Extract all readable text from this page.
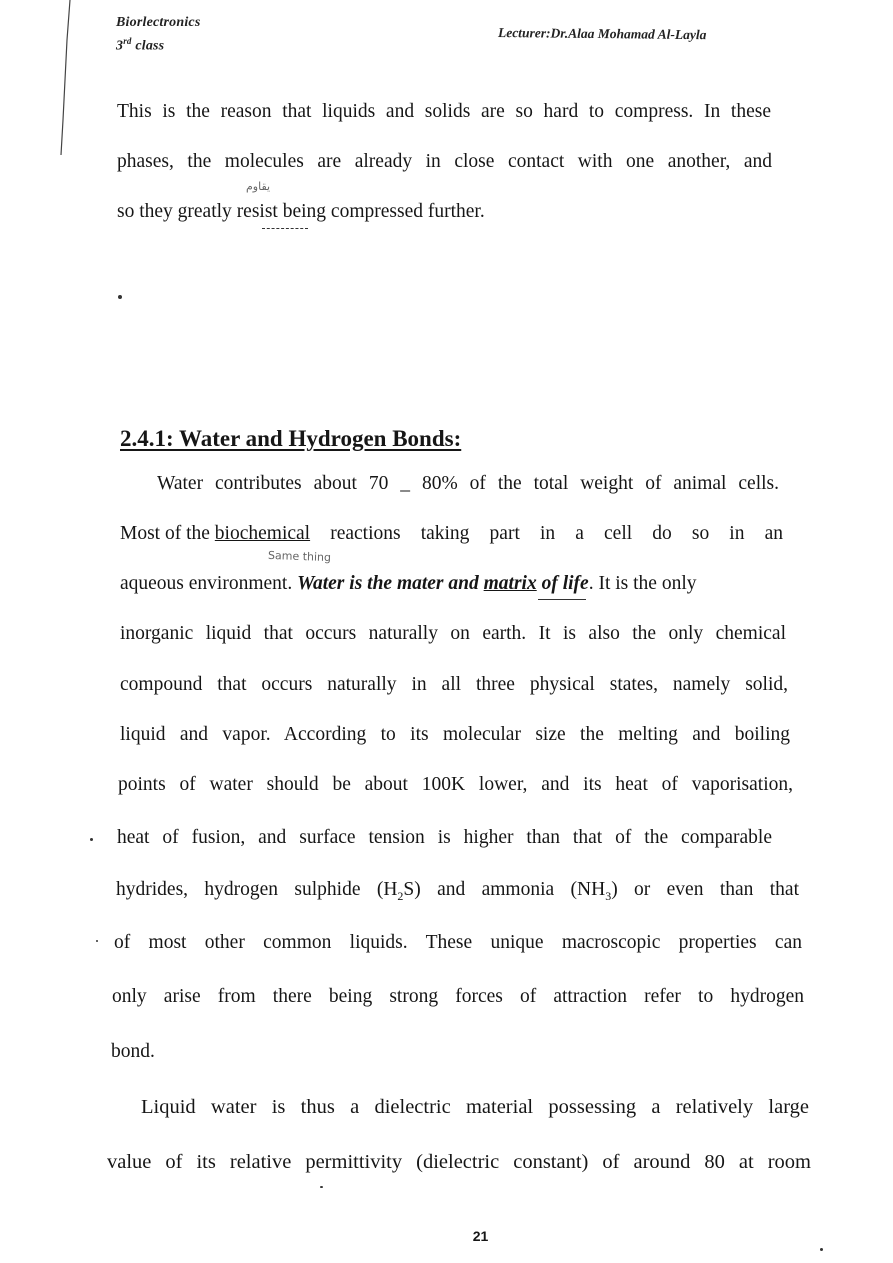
Biorlectronics
3rd class
Lecturer:Dr.Alaa Mohamad Al-Layla
This is the reason that liquids and solids are so hard to compress. In these
phases, the molecules are already in close contact with one another, and
يقاوم
so they greatly resist being compressed further.
2.4.1: Water and Hydrogen Bonds:
Water contributes about 70 _ 80% of the total weight of animal cells.
Same thing
Most of the biochemical reactions taking part in a cell do so in an
aqueous environment. Water is the mater and matrix of life. It is the only
inorganic liquid that occurs naturally on earth. It is also the only chemical
compound that occurs naturally in all three physical states, namely solid,
liquid and vapor. According to its molecular size the melting and boiling
points of water should be about 100K lower, and its heat of vaporisation,
heat of fusion, and surface tension is higher than that of the comparable
hydrides, hydrogen sulphide $(H_2S)$ and ammonia $(NH_3)$ or even than that
of most other common liquids. These unique macroscopic properties can
only arise from there being strong forces of attraction refer to hydrogen
bond.
Liquid water is thus a dielectric material possessing a relatively large
value of its relative permittivity (dielectric constant) of around 80 at room
21
